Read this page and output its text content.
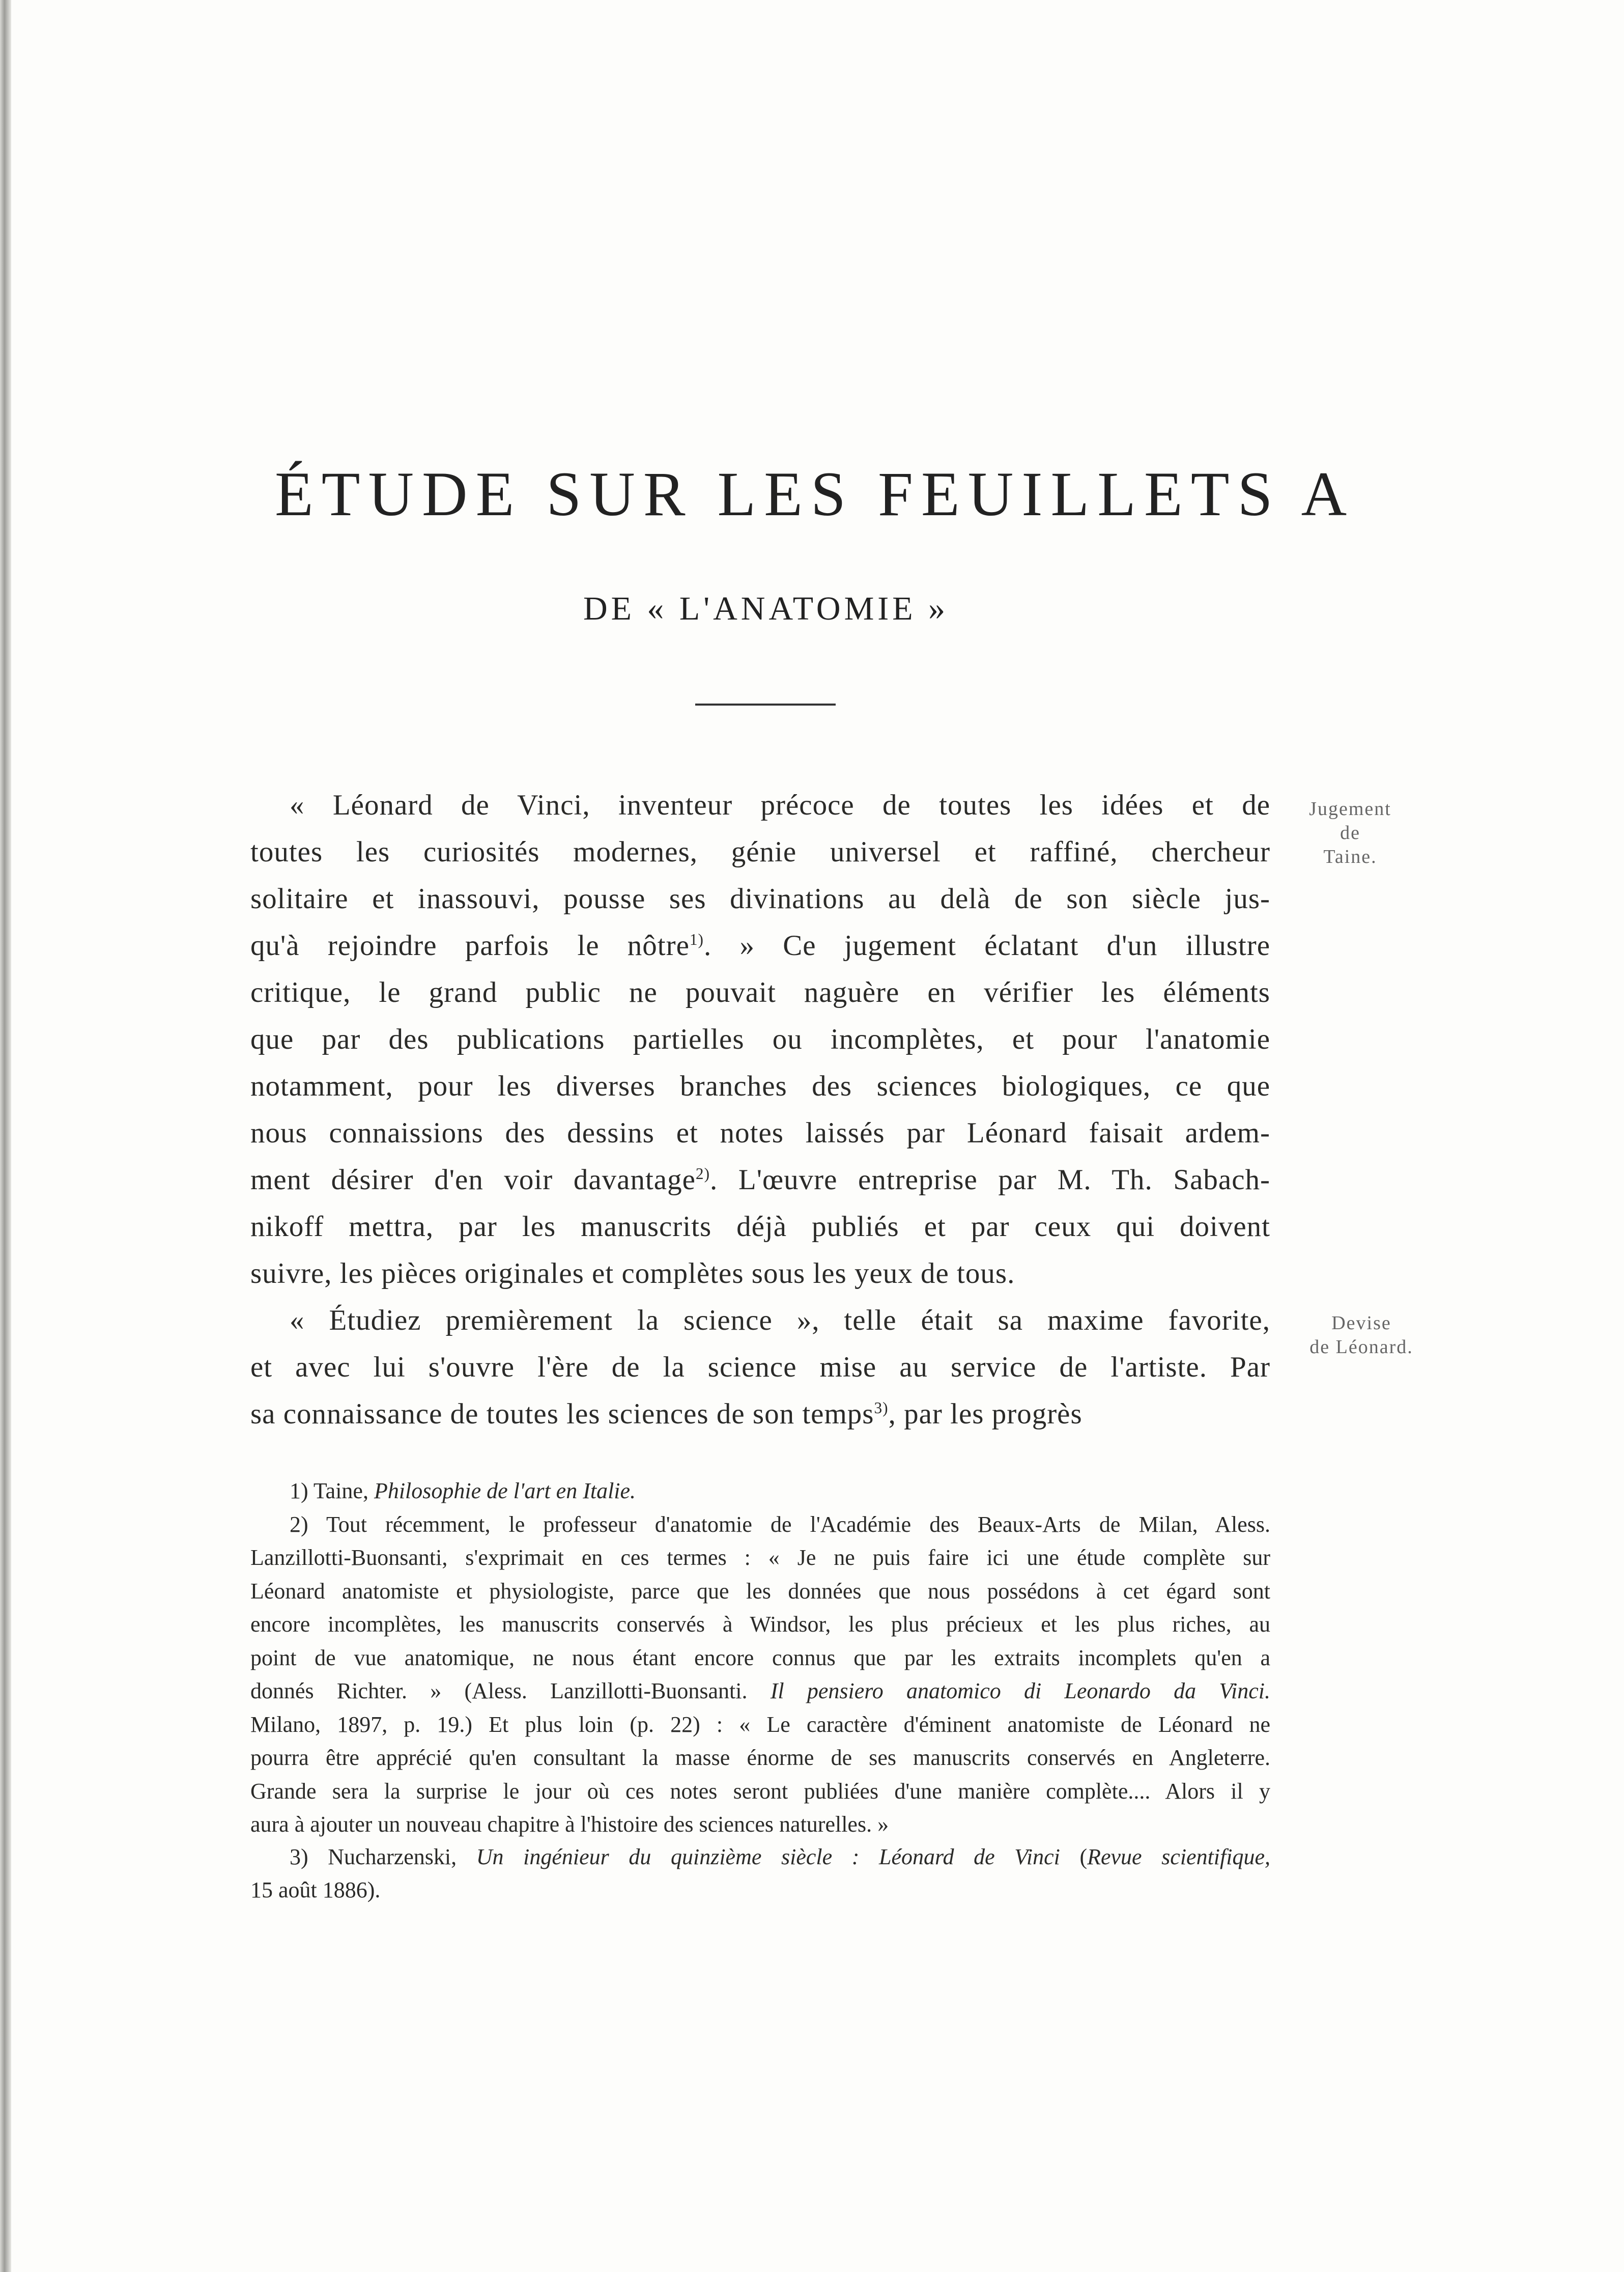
ÉTUDE SUR LES FEUILLETS A
DE « L'ANATOMIE »
Jugement
de
Taine.
Devise
de Léonard.
« Léonard de Vinci, inventeur précoce de toutes les idées et de
toutes les curiosités modernes, génie universel et raffiné, chercheur
solitaire et inassouvi, pousse ses divinations au delà de son siècle jus-
qu'à rejoindre parfois le nôtre$^{1)}$. » Ce jugement éclatant d'un illustre
critique, le grand public ne pouvait naguère en vérifier les éléments
que par des publications partielles ou incomplètes, et pour l'anatomie
notamment, pour les diverses branches des sciences biologiques, ce que
nous connaissions des dessins et notes laissés par Léonard faisait ardem-
ment désirer d'en voir davantage$^{2)}$. L'œuvre entreprise par M. Th. Sabach-
nikoff mettra, par les manuscrits déjà publiés et par ceux qui doivent
suivre, les pièces originales et complètes sous les yeux de tous.
« Étudiez premièrement la science », telle était sa maxime favorite,
et avec lui s'ouvre l'ère de la science mise au service de l'artiste. Par
sa connaissance de toutes les sciences de son temps$^{3)}$, par les progrès
1) Taine, Philosophie de l'art en Italie.
2) Tout récemment, le professeur d'anatomie de l'Académie des Beaux-Arts de Milan, Aless.
Lanzillotti-Buonsanti, s'exprimait en ces termes : « Je ne puis faire ici une étude complète sur
Léonard anatomiste et physiologiste, parce que les données que nous possédons à cet égard sont
encore incomplètes, les manuscrits conservés à Windsor, les plus précieux et les plus riches, au
point de vue anatomique, ne nous étant encore connus que par les extraits incomplets qu'en a
donnés Richter. » (Aless. Lanzillotti-Buonsanti. Il pensiero anatomico di Leonardo da Vinci.
Milano, 1897, p. 19.) Et plus loin (p. 22) : « Le caractère d'éminent anatomiste de Léonard ne
pourra être apprécié qu'en consultant la masse énorme de ses manuscrits conservés en Angleterre.
Grande sera la surprise le jour où ces notes seront publiées d'une manière complète.... Alors il y
aura à ajouter un nouveau chapitre à l'histoire des sciences naturelles. »
3) Nucharzenski, Un ingénieur du quinzième siècle : Léonard de Vinci (Revue scientifique,
15 août 1886).
